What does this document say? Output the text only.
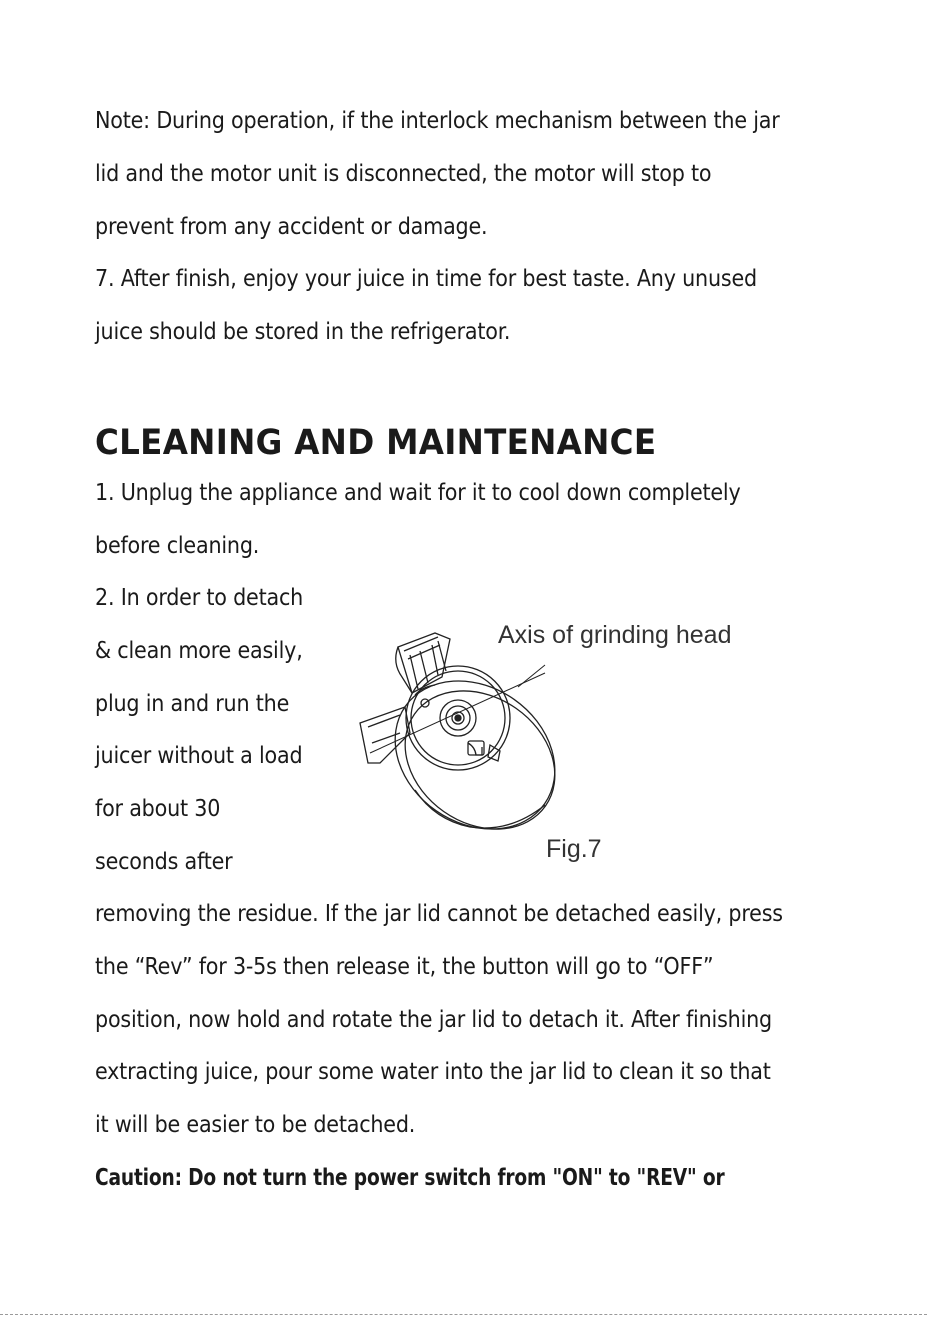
Note: During operation, if the interlock mechanism between the jar
lid and the motor unit is disconnected, the motor will stop to
prevent from any accident or damage.
7. After finish, enjoy your juice in time for best taste. Any unused
juice should be stored in the refrigerator.
CLEANING AND MAINTENANCE
1. Unplug the appliance and wait for it to cool down completely
before cleaning.
2. In order to detach
& clean more easily,
plug in and run the
juicer without a load
for about 30
seconds after
Axis of grinding head
Fig.7
removing the residue. If the jar lid cannot be detached easily, press
the “Rev” for 3-5s then release it, the button will go to “OFF”
position, now hold and rotate the jar lid to detach it. After finishing
extracting juice, pour some water into the jar lid to clean it so that
it will be easier to be detached.
Caution: Do not turn the power switch from "ON" to "REV" or
